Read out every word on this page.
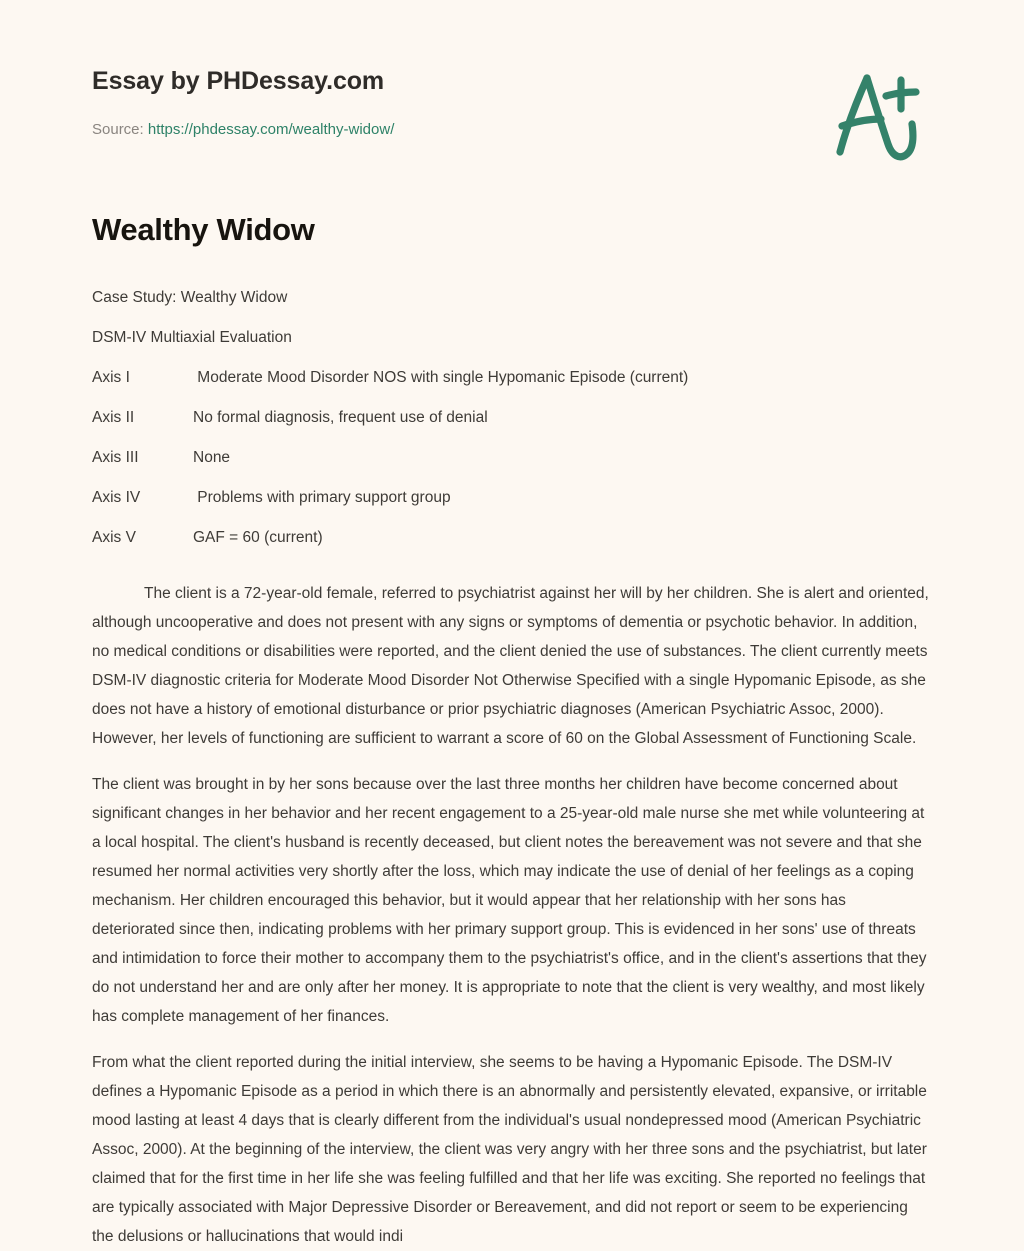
Essay by PHDessay.com
Source: https://phdessay.com/wealthy-widow/
Wealthy Widow
Case Study: Wealthy Widow
DSM-IV Multiaxial Evaluation
Axis I	Moderate Mood Disorder NOS with single Hypomanic Episode (current)
Axis II	No formal diagnosis, frequent use of denial
Axis III	None
Axis IV	Problems with primary support group
Axis V	GAF = 60 (current)

The client is a 72-year-old female, referred to psychiatrist against her will by her children. She is alert and oriented, although uncooperative and does not present with any signs or symptoms of dementia or psychotic behavior. In addition, no medical conditions or disabilities were reported, and the client denied the use of substances. The client currently meets DSM-IV diagnostic criteria for Moderate Mood Disorder Not Otherwise Specified with a single Hypomanic Episode, as she does not have a history of emotional disturbance or prior psychiatric diagnoses (American Psychiatric Assoc, 2000). However, her levels of functioning are sufficient to warrant a score of 60 on the Global Assessment of Functioning Scale.

The client was brought in by her sons because over the last three months her children have become concerned about significant changes in her behavior and her recent engagement to a 25-year-old male nurse she met while volunteering at a local hospital. The client's husband is recently deceased, but client notes the bereavement was not severe and that she resumed her normal activities very shortly after the loss, which may indicate the use of denial of her feelings as a coping mechanism. Her children encouraged this behavior, but it would appear that her relationship with her sons has deteriorated since then, indicating problems with her primary support group. This is evidenced in her sons' use of threats and intimidation to force their mother to accompany them to the psychiatrist's office, and in the client's assertions that they do not understand her and are only after her money. It is appropriate to note that the client is very wealthy, and most likely has complete management of her finances.

From what the client reported during the initial interview, she seems to be having a Hypomanic Episode. The DSM-IV defines a Hypomanic Episode as a period in which there is an abnormally and persistently elevated, expansive, or irritable mood lasting at least 4 days that is clearly different from the individual's usual nondepressed mood (American Psychiatric Assoc, 2000). At the beginning of the interview, the client was very angry with her three sons and the psychiatrist, but later claimed that for the first time in her life she was feeling fulfilled and that her life was exciting. She reported no feelings that are typically associated with Major Depressive Disorder or Bereavement, and did not report or seem to be experiencing the delusions or hallucinations that would indi
